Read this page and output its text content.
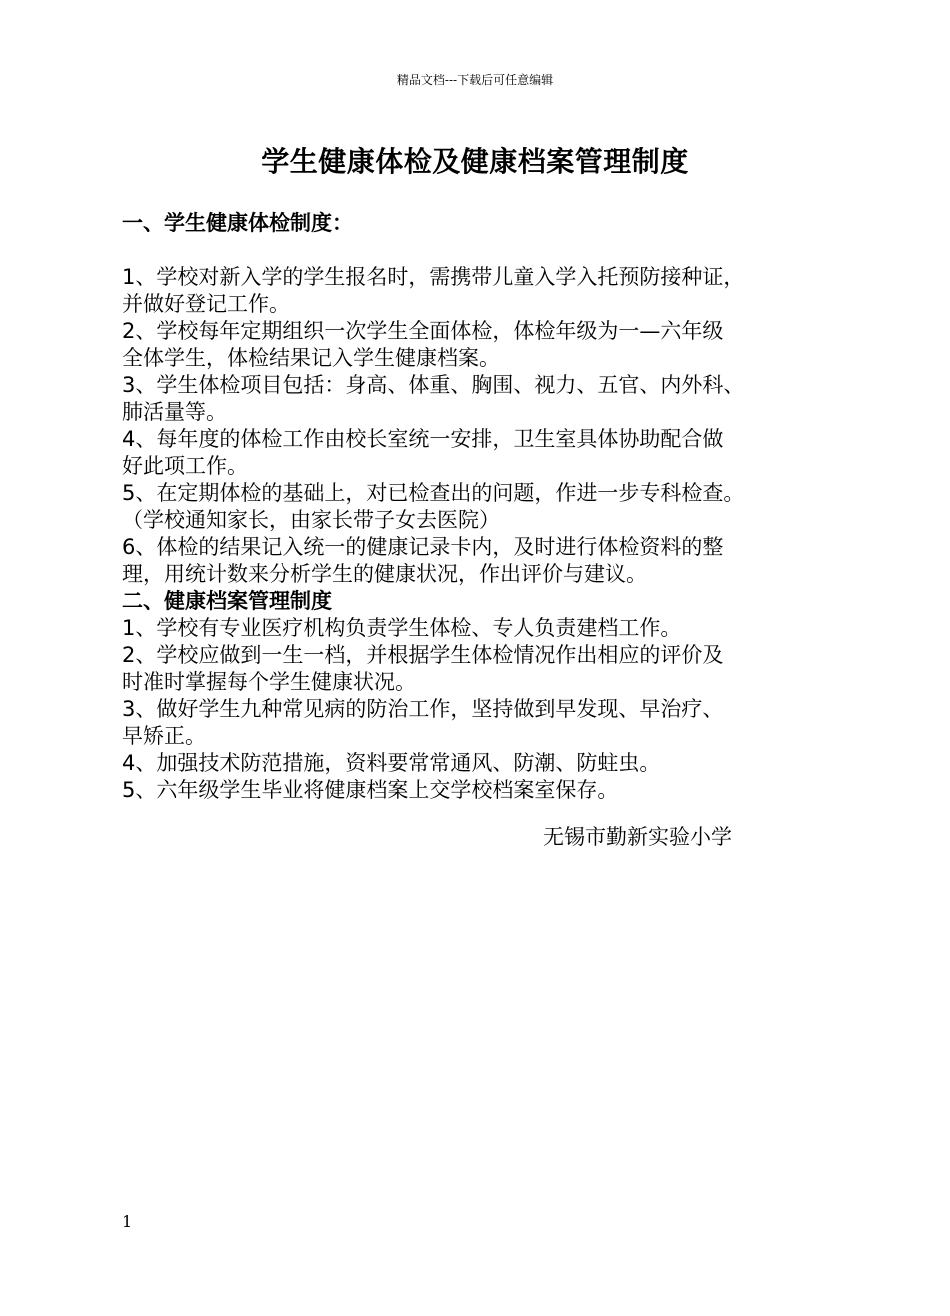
精品文档---下载后可任意编辑
学生健康体检及健康档案管理制度

一、学生健康体检制度：

1、学校对新入学的学生报名时，需携带儿童入学入托预防接种证，
并做好登记工作。

2、学校每年定期组织一次学生全面体检，体检年级为一—六年级
全体学生，体检结果记入学生健康档案。

3、学生体检项目包括：身高、体重、胸围、视力、五官、内外科、
肺活量等。

4、每年度的体检工作由校长室统一安排，卫生室具体协助配合做
好此项工作。

5、在定期体检的基础上，对已检查出的问题，作进一步专科检查。
（学校通知家长，由家长带子女去医院）

6、体检的结果记入统一的健康记录卡内，及时进行体检资料的整
理，用统计数来分析学生的健康状况，作出评价与建议。

二、健康档案管理制度

1、学校有专业医疗机构负责学生体检、专人负责建档工作。

2、学校应做到一生一档，并根据学生体检情况作出相应的评价及
时准时掌握每个学生健康状况。

3、做好学生九种常见病的防治工作，坚持做到早发现、早治疗、
早矫正。

4、加强技术防范措施，资料要常常通风、防潮、防蛀虫。

5、六年级学生毕业将健康档案上交学校档案室保存。

无锡市勤新实验小学
1
